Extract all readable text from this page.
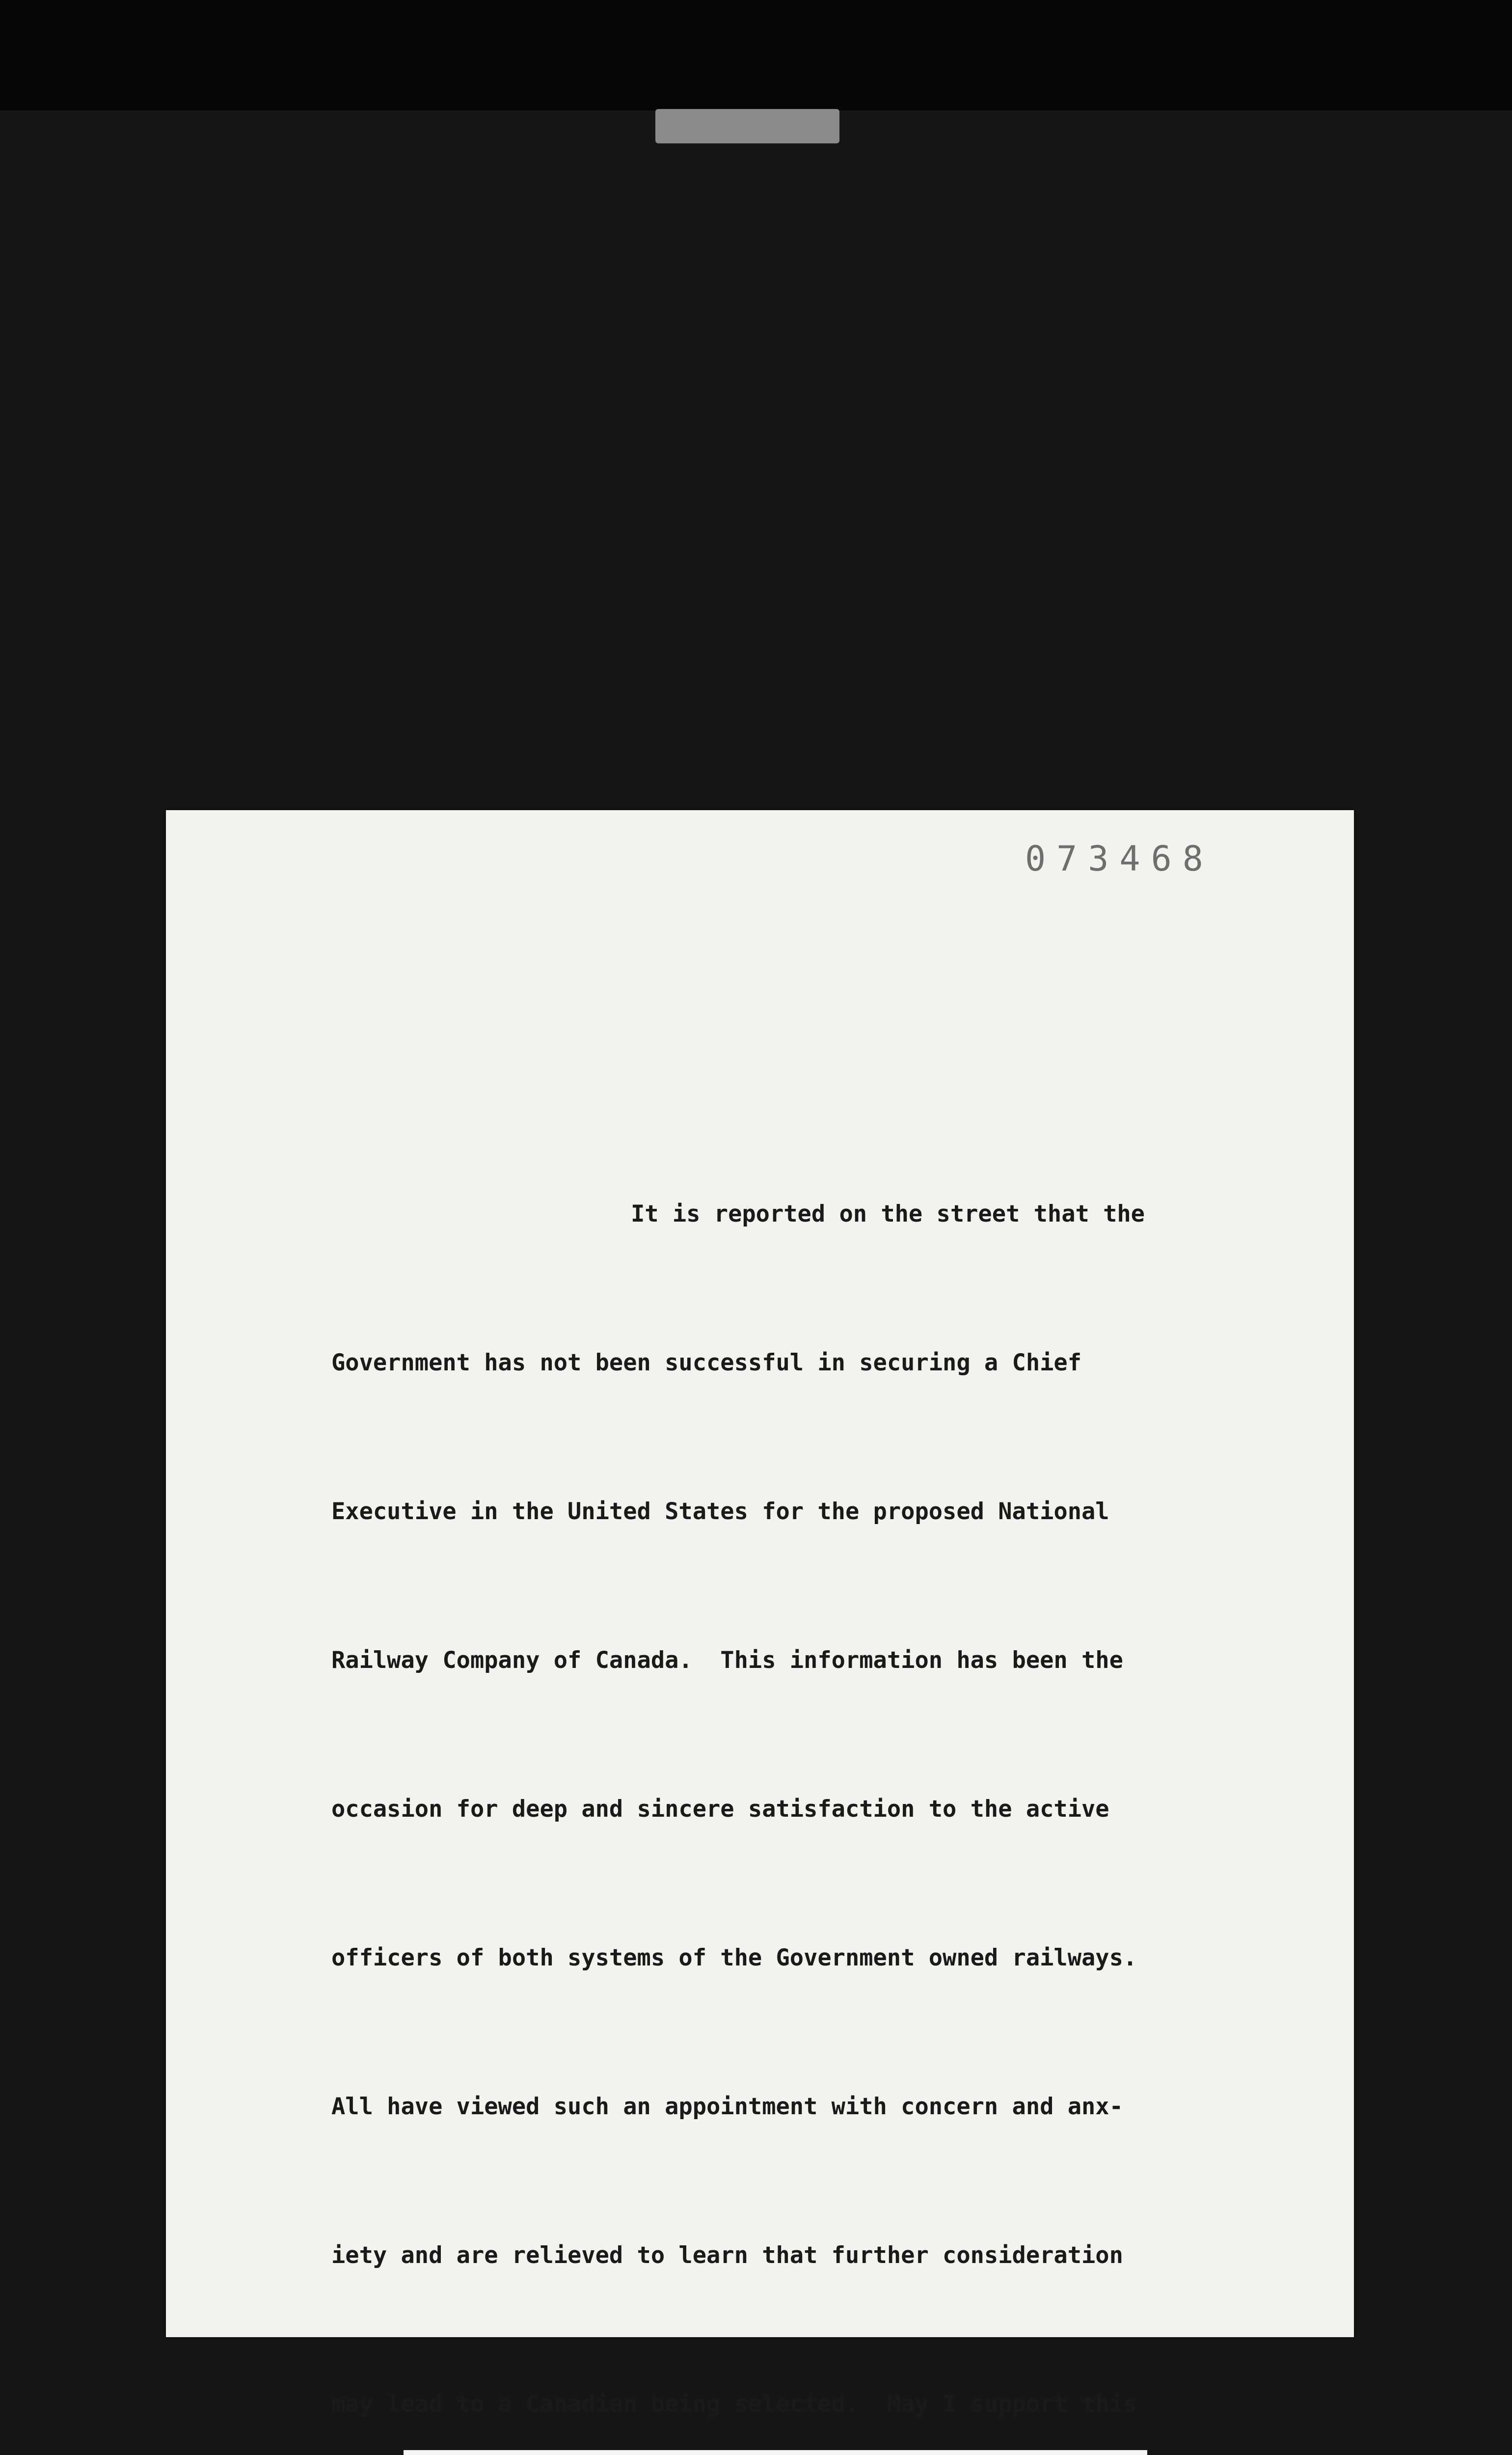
073468

It is reported on the street that the

Government has not been successful in securing a Chief

Executive in the United States for the proposed National

Railway Company of Canada.  This information has been the

occasion for deep and sincere satisfaction to the active

officers of both systems of the Government owned railways.

All have viewed such an appointment with concern and anx-

iety and are relieved to learn that further consideration

may lead to a Canadian being selected.  May I support this
